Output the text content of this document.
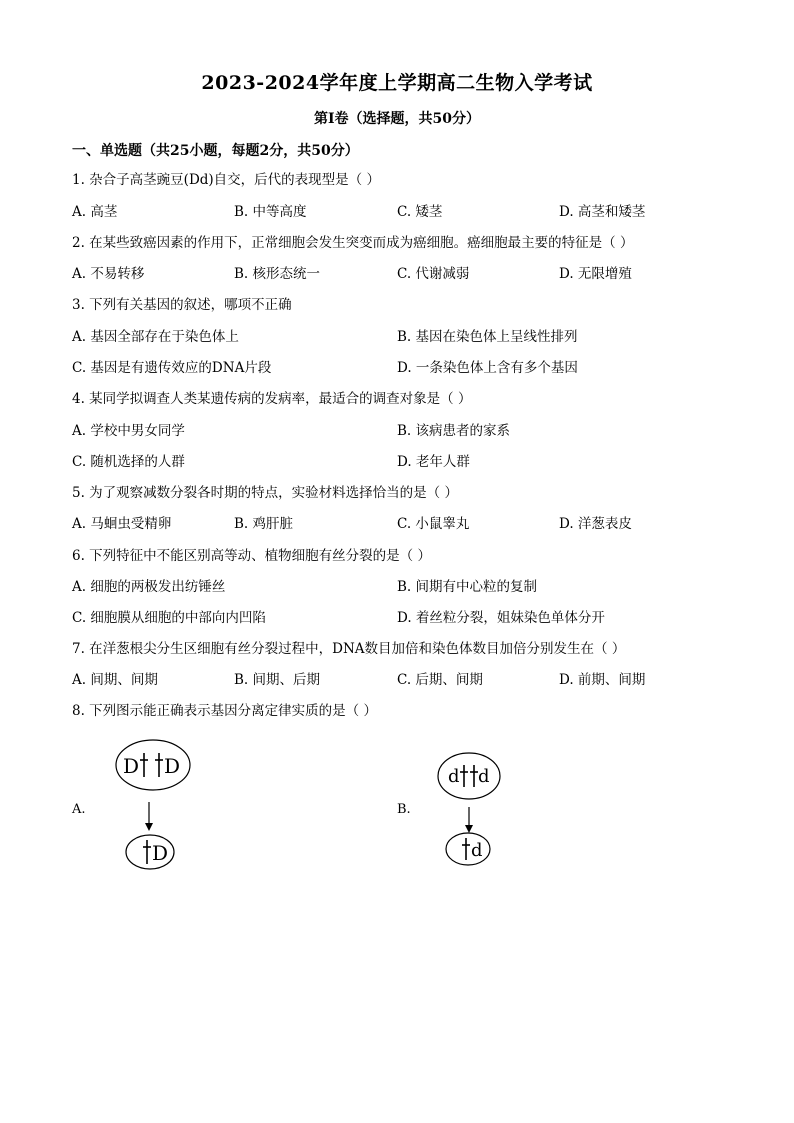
2023-2024学年度上学期高二生物入学考试
第Ⅰ卷（选择题，共50分）
一、单选题（共25小题，每题2分，共50分）
1. 杂合子高茎豌豆(Dd)自交，后代的表现型是（ ）
A. 高茎	B. 中等高度	C. 矮茎	D. 高茎和矮茎
2. 在某些致癌因素的作用下，正常细胞会发生突变而成为癌细胞。癌细胞最主要的特征是（ ）
A. 不易转移	B. 核形态统一	C. 代谢减弱	D. 无限增殖
3. 下列有关基因的叙述，哪项不正确
A. 基因全部存在于染色体上	B. 基因在染色体上呈线性排列
C. 基因是有遗传效应的DNA片段	D. 一条染色体上含有多个基因
4. 某同学拟调查人类某遗传病的发病率，最适合的调查对象是（ ）
A. 学校中男女同学	B. 该病患者的家系
C. 随机选择的人群	D. 老年人群
5. 为了观察减数分裂各时期的特点，实验材料选择恰当的是（ ）
A. 马蛔虫受精卵	B. 鸡肝脏	C. 小鼠睾丸	D. 洋葱表皮
6. 下列特征中不能区别高等动、植物细胞有丝分裂的是（ ）
A. 细胞的两极发出纺锤丝	B. 间期有中心粒的复制
C. 细胞膜从细胞的中部向内凹陷	D. 着丝粒分裂，姐妹染色单体分开
7. 在洋葱根尖分生区细胞有丝分裂过程中，DNA数目加倍和染色体数目加倍分别发生在（ ）
A. 间期、间期	B. 间期、后期	C. 后期、间期	D. 前期、间期
8. 下列图示能正确表示基因分离定律实质的是（ ）
A.	B.
D D
D
d d
d
